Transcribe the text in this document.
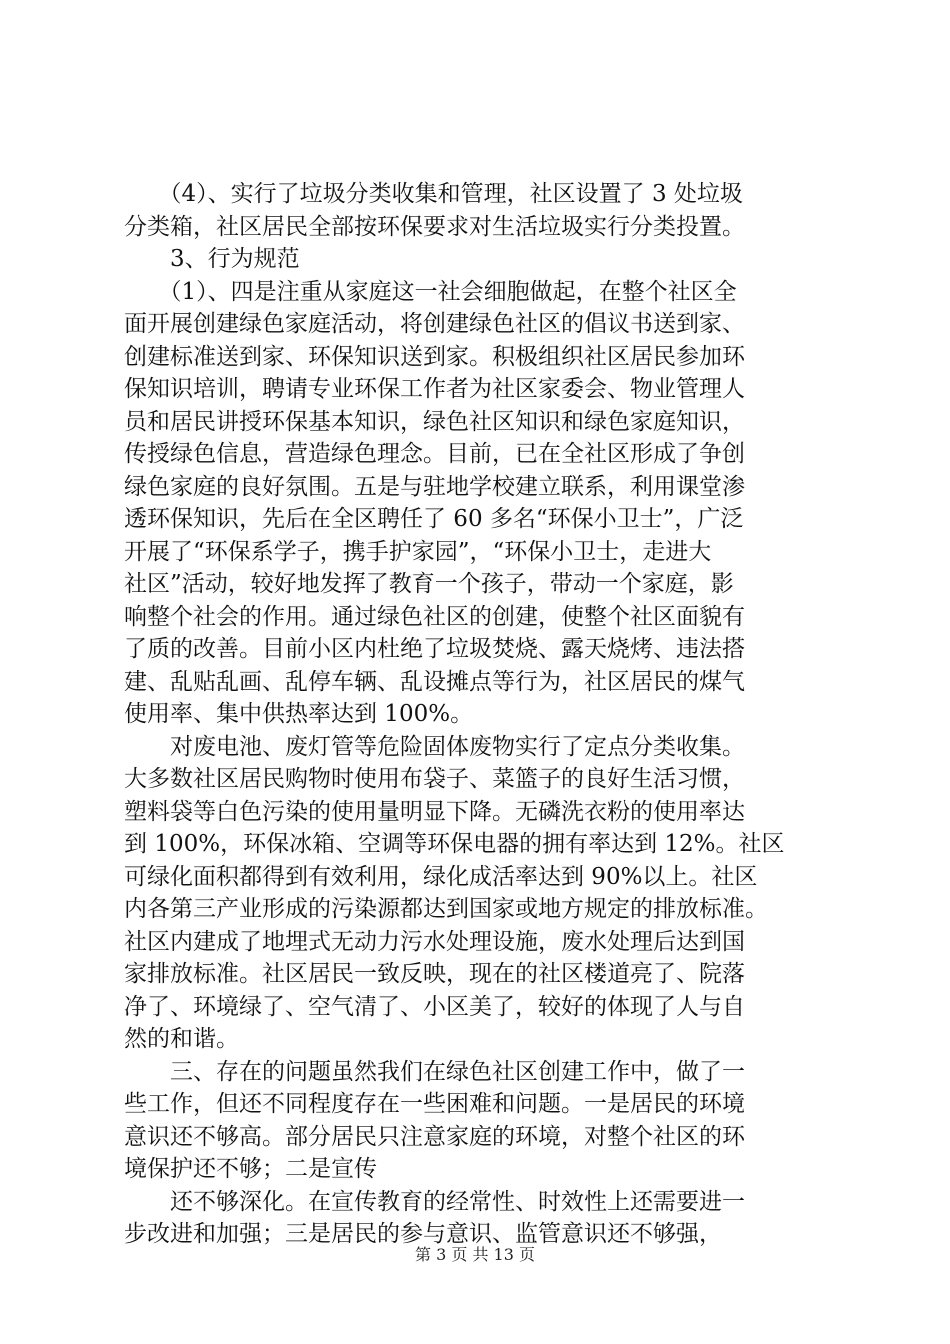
　　（4）、实行了垃圾分类收集和管理，社区设置了 3 处垃圾
分类箱，社区居民全部按环保要求对生活垃圾实行分类投置。
　　3、行为规范
　　（1）、四是注重从家庭这一社会细胞做起，在整个社区全
面开展创建绿色家庭活动，将创建绿色社区的倡议书送到家、
创建标准送到家、环保知识送到家。积极组织社区居民参加环
保知识培训，聘请专业环保工作者为社区家委会、物业管理人
员和居民讲授环保基本知识，绿色社区知识和绿色家庭知识，
传授绿色信息，营造绿色理念。目前，已在全社区形成了争创
绿色家庭的良好氛围。五是与驻地学校建立联系，利用课堂渗
透环保知识，先后在全区聘任了 60 多名“环保小卫士”，广泛
开展了“环保系学子，携手护家园”，“环保小卫士，走进大
社区”活动，较好地发挥了教育一个孩子，带动一个家庭，影
响整个社会的作用。通过绿色社区的创建，使整个社区面貌有
了质的改善。目前小区内杜绝了垃圾焚烧、露天烧烤、违法搭
建、乱贴乱画、乱停车辆、乱设摊点等行为，社区居民的煤气
使用率、集中供热率达到 100%。
　　对废电池、废灯管等危险固体废物实行了定点分类收集。
大多数社区居民购物时使用布袋子、菜篮子的良好生活习惯，
塑料袋等白色污染的使用量明显下降。无磷洗衣粉的使用率达
到 100%，环保冰箱、空调等环保电器的拥有率达到 12%。社区
可绿化面积都得到有效利用，绿化成活率达到 90%以上。社区
内各第三产业形成的污染源都达到国家或地方规定的排放标准。
社区内建成了地埋式无动力污水处理设施，废水处理后达到国
家排放标准。社区居民一致反映，现在的社区楼道亮了、院落
净了、环境绿了、空气清了、小区美了，较好的体现了人与自
然的和谐。
　　三、存在的问题虽然我们在绿色社区创建工作中，做了一
些工作，但还不同程度存在一些困难和问题。一是居民的环境
意识还不够高。部分居民只注意家庭的环境，对整个社区的环
境保护还不够；二是宣传
　　还不够深化。在宣传教育的经常性、时效性上还需要进一
步改进和加强；三是居民的参与意识、监管意识还不够强，
第 3 页 共 13 页
